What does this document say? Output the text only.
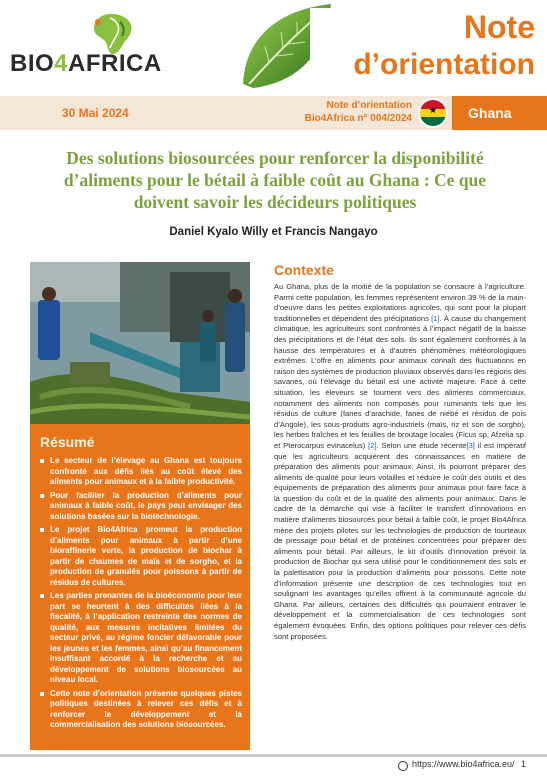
BIO4AFRICA
Note
d’orientation
30 Mai 2024
Note d’orientation
Bio4Africa n° 004/2024
★	Ghana
Des solutions biosourcées pour renforcer la disponibilité d’aliments pour le bétail à faible coût au Ghana : Ce que doivent savoir les décideurs politiques
Daniel Kyalo Willy et Francis Nangayo
Résumé
Le secteur de l’élevage au Ghana est toujours confronté aux défis liés au coût élevé des aliments pour animaux et à la faible productivité.
Pour faciliter la production d’aliments pour animaux à faible coût, le pays peut envisager des solutions basées sur la biotechnologie.
Le projet Bio4Africa promeut la production d’aliments pour animaux à partir d’une bioraffinerie verte, la production de biochar à partir de chaumes de maïs et de sorgho, et la production de granulés pour poissons à partir de résidus de cultures.
Les parties prenantes de la bioéconomie pour leur part se heurtent à des difficultés liées à la fiscalité, à l’application restreinte des normes de qualité, aux mesures incitatives limitées du secteur privé, au régime foncier défavorable pour les jeunes et les femmes, ainsi qu’au financement insuffisant accordé à la recherche et au développement de solutions biosourcées au niveau local.
Cette note d’orientation présente quelques pistes politiques destinées à relever ces défis et à renforcer le développement et la commercialisation des solutions biosourcées.
Contexte

Au Ghana, plus de la moitié de la population se consacre à l’agriculture. Parmi cette population, les femmes représentent environ 39 % de la main-d’oeuvre dans les petites exploitations agricoles, qui sont pour la plupart traditionnelles et dépendent des précipitations [1]. À cause du changement climatique, les agriculteurs sont confrontés à l’impact négatif de la baisse des précipitations et de l’état des sols. Ils sont également confrontés à la hausse des températures et à d’autres phénomènes météorologiques extrêmes. L’offre en aliments pour animaux connaît des fluctuations en raison des systèmes de production pluviaux observés dans les régions des savanes, où l’élevage du bétail est une activité majeure. Face à cette situation, les éleveurs se tournent vers des aliments commerciaux, notamment des aliments non composés pour ruminants tels que les résidus de culture (fanes d’arachide, fanes de niébé et résidus de pois d’Angole), les sous-produits agro-industriels (maïs, riz et son de sorgho), les herbes fraîches et les feuilles de broutage locales (Ficus sp, Afzelia sp. et Pterocarpus evinacelus) [2]. Selon une étude récente[3] il est impératif que les agriculteurs acquièrent des connaissances en matière de préparation des aliments pour animaux. Ainsi, ils pourront préparer des aliments de qualité pour leurs volailles et réduire le coût des outils et des équipements de préparation des aliments pour animaux pour faire face à la question du coût et de la qualité des aliments pour animaux. Dans le cadre de la démarche qui vise à faciliter le transfert d’innovations en matière d’aliments biosourcés pour bétail à faible coût, le projet Bio4Africa mène des projets pilotes sur les technologies de production de tourteaux de pressage pour bétail et de protéines concentrées pour préparer des aliments pour bétail. Par ailleurs, le kit d’outils d’innovation prévoit la production de Biochar qui sera utilisé pour le conditionnement des sols et la palettisation pour la production d’aliments pour poissons. Cette note d’information présente une description de ces technologies tout en soulignant les avantages qu’elles offrent à la communauté agricole du Ghana. Par ailleurs, certaines des difficultés qui pourraient entraver le développement et la commercialisation de ces technologies sont également évoquées. Enfin, des options politiques pour relever ces défis sont proposées.

https://www.bio4africa.eu/ 1
